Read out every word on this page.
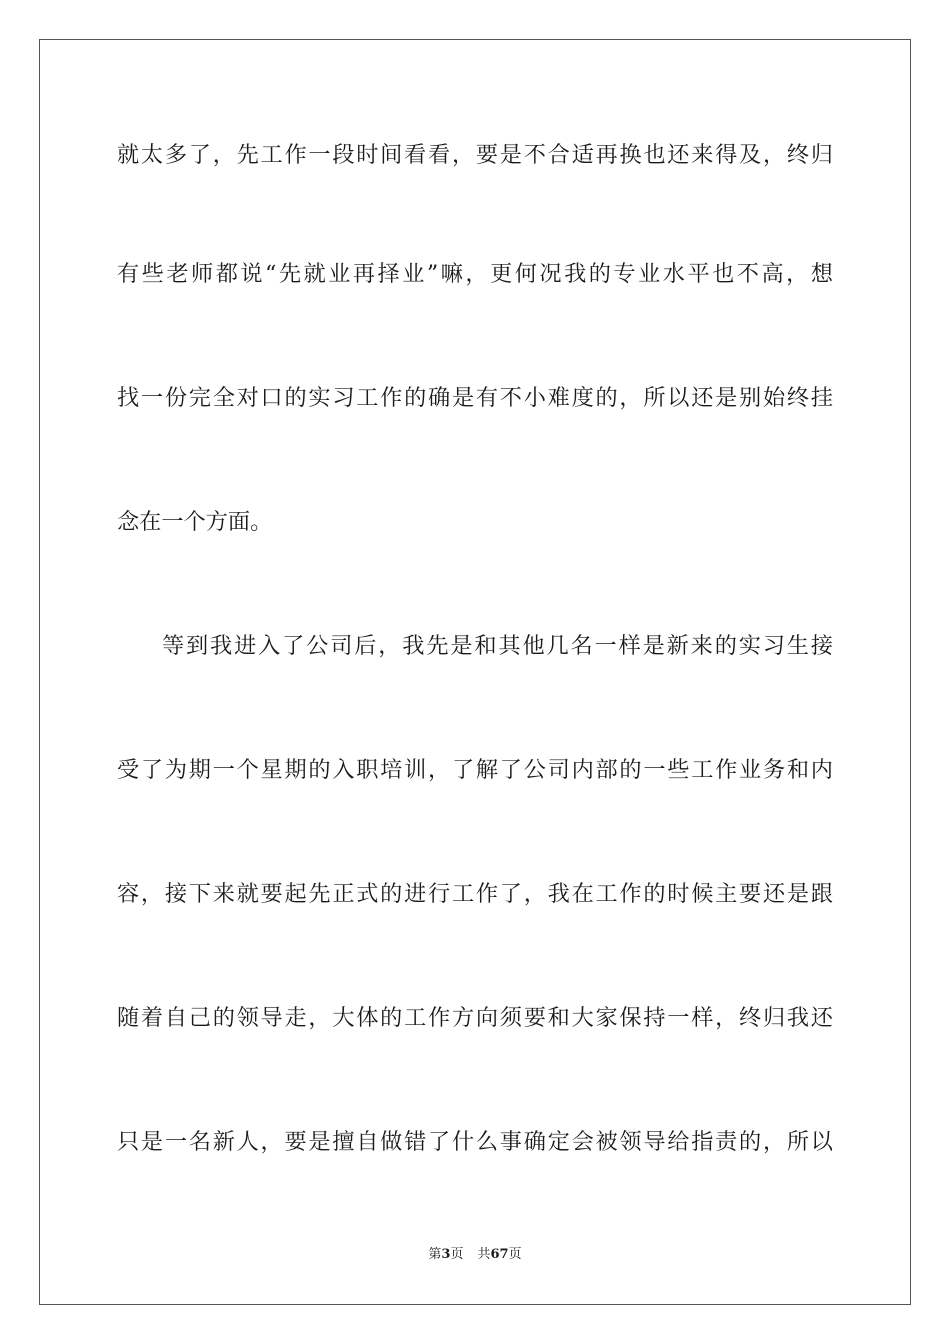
就太多了，先工作一段时间看看，要是不合适再换也还来得及，终归
有些老师都说“先就业再择业”嘛，更何况我的专业水平也不高，想
找一份完全对口的实习工作的确是有不小难度的，所以还是别始终挂
念在一个方面。
等到我进入了公司后，我先是和其他几名一样是新来的实习生接
受了为期一个星期的入职培训，了解了公司内部的一些工作业务和内
容，接下来就要起先正式的进行工作了，我在工作的时候主要还是跟
随着自己的领导走，大体的工作方向须要和大家保持一样，终归我还
只是一名新人，要是擅自做错了什么事确定会被领导给指责的，所以
第3页 共67页
